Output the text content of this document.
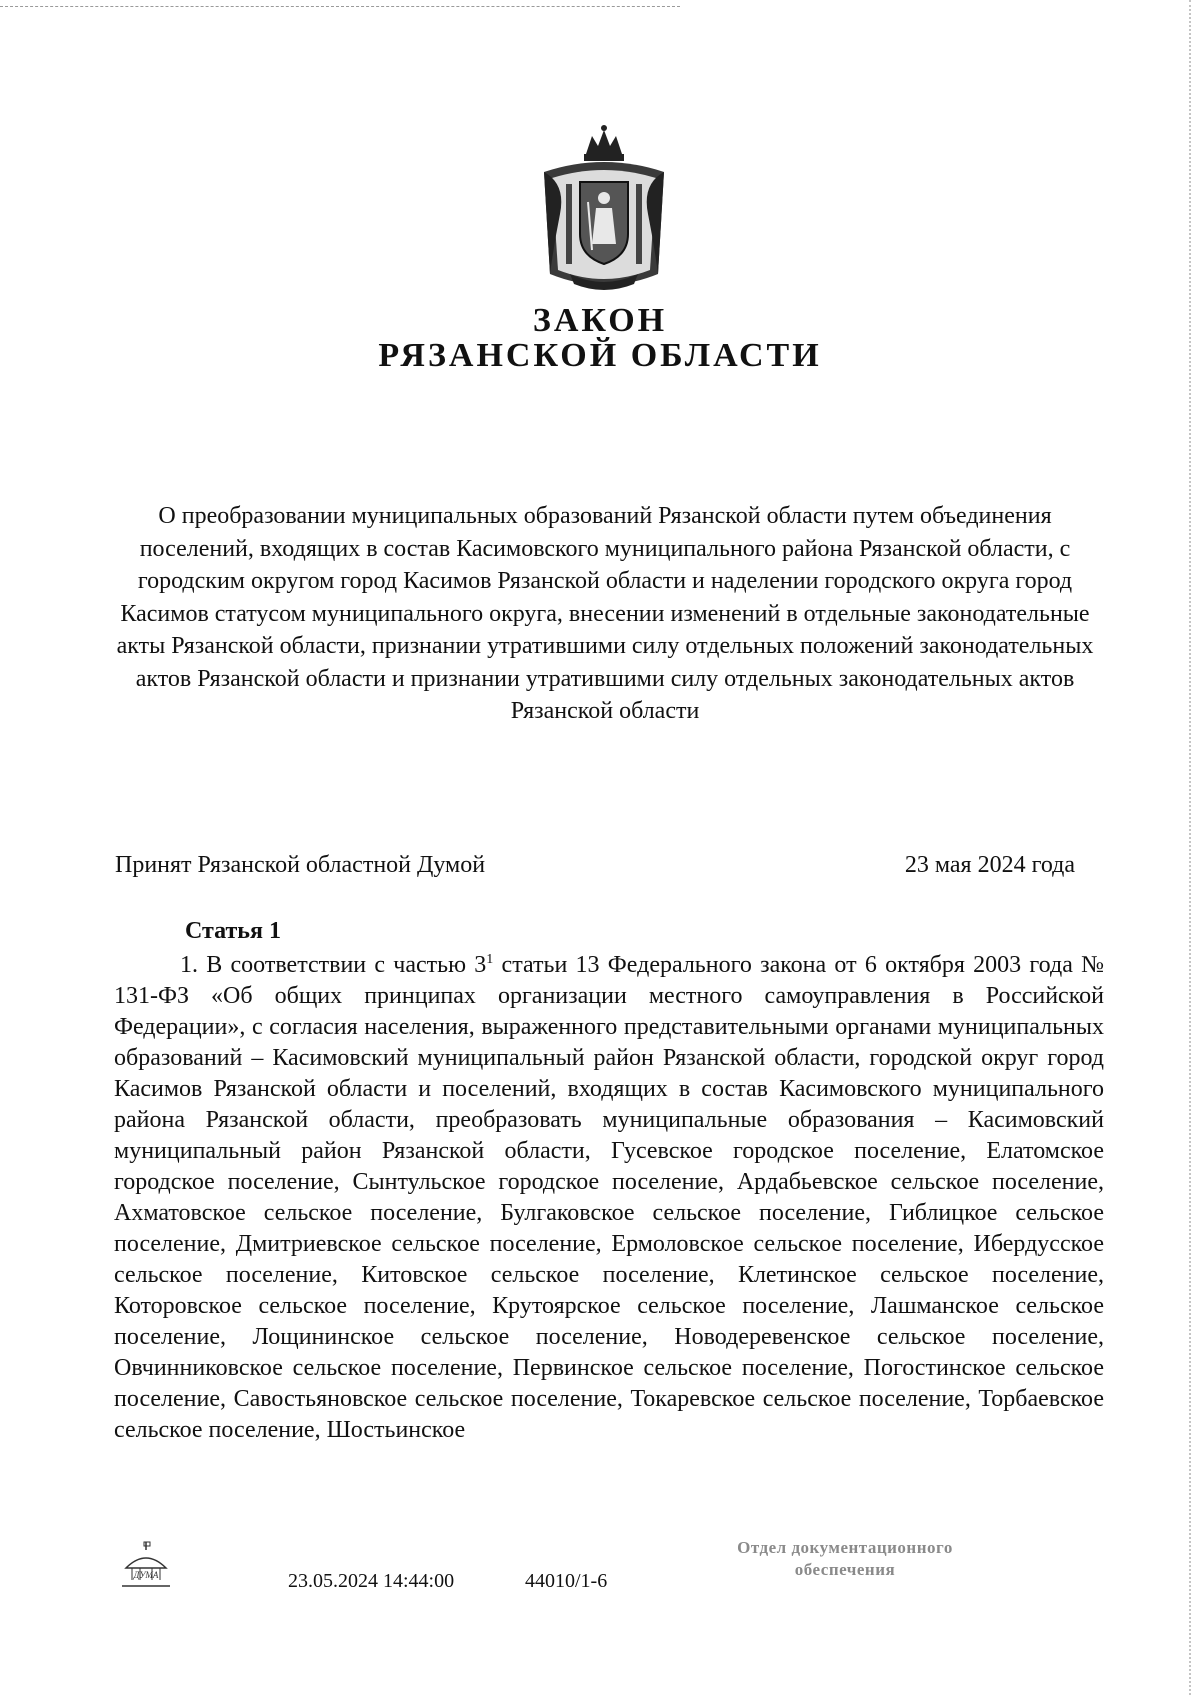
ЗАКОН
РЯЗАНСКОЙ ОБЛАСТИ
О преобразовании муниципальных образований Рязанской области путем объединения поселений, входящих в состав Касимовского муниципального района Рязанской области, с городским округом город Касимов Рязанской области и наделении городского округа город Касимов статусом муниципального округа, внесении изменений в отдельные законодательные акты Рязанской области, признании утратившими силу отдельных положений законодательных актов Рязанской области и признании утратившими силу отдельных законодательных актов Рязанской области
Принят Рязанской областной Думой	23 мая 2024 года
Статья 1

1. В соответствии с частью $3^1$ статьи 13 Федерального закона от 6 октября 2003 года № 131-ФЗ «Об общих принципах организации местного самоуправления в Российской Федерации», с согласия населения, выраженного представительными органами муниципальных образований – Касимовский муниципальный район Рязанской области, городской округ город Касимов Рязанской области и поселений, входящих в состав Касимовского муниципального района Рязанской области, преобразовать муниципальные образования – Касимовский муниципальный район Рязанской области, Гусевское городское поселение, Елатомское городское поселение, Сынтульское городское поселение, Ардабьевское сельское поселение, Ахматовское сельское поселение, Булгаковское сельское поселение, Гиблицкое сельское поселение, Дмитриевское сельское поселение, Ермоловское сельское поселение, Ибердусское сельское поселение, Китовское сельское поселение, Клетинское сельское поселение, Которовское сельское поселение, Крутоярское сельское поселение, Лашманское сельское поселение, Лощининское сельское поселение, Новодеревенское сельское поселение, Овчинниковское сельское поселение, Первинское сельское поселение, Погостинское сельское поселение, Савостьяновское сельское поселение, Токаревское сельское поселение, Торбаевское сельское поселение, Шостьинское

ДУМА	23.05.2024 14:44:00	44010/1-6
Отдел документационного
обеспечения
